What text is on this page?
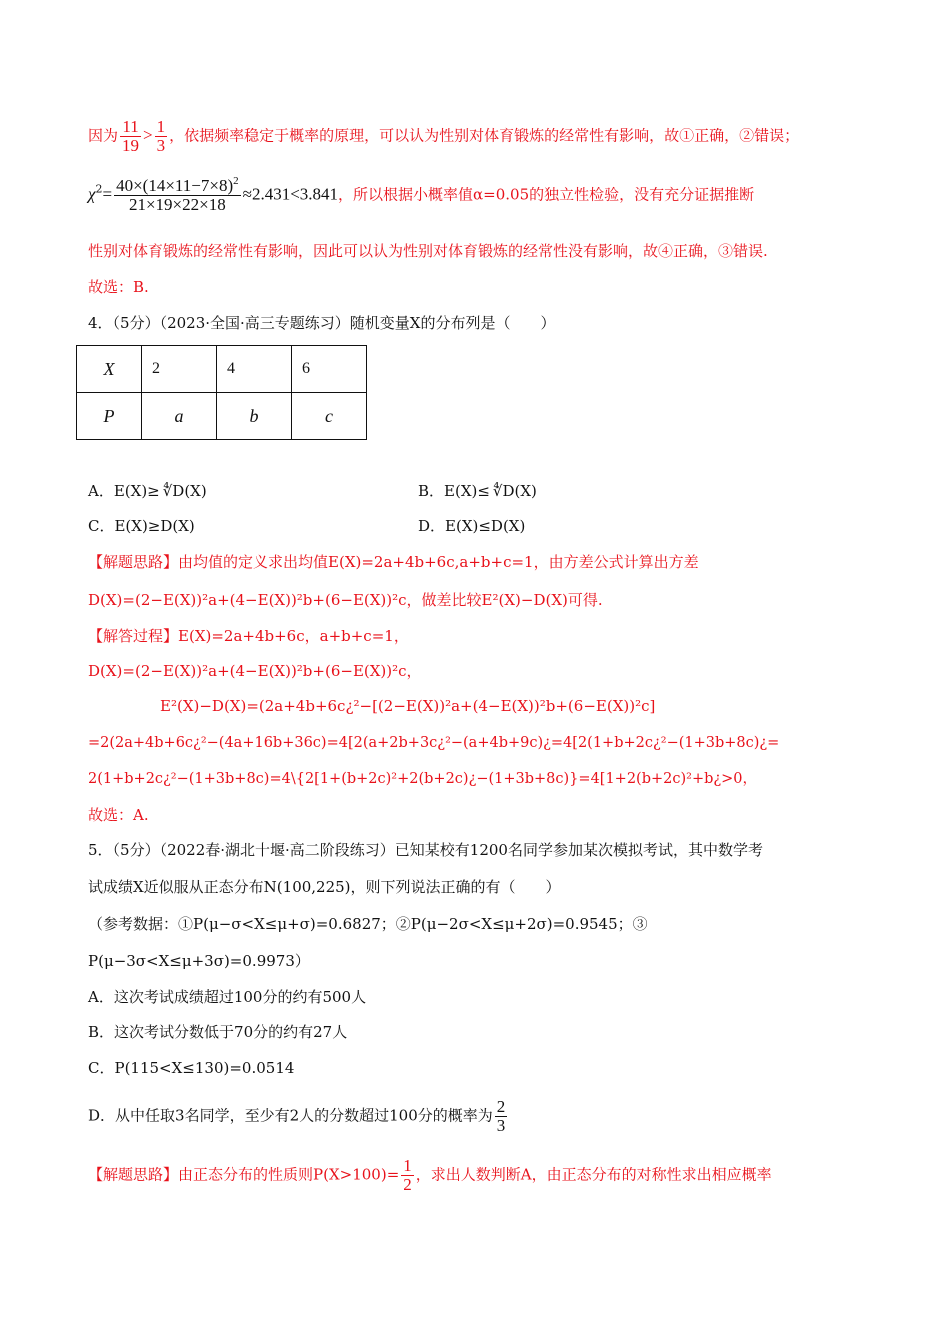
因为 $\frac{11}{19} > \frac{1}{3}$ ，依据频率稳定于概率的原理，可以认为性别对体育锻炼的经常性有影响，故①正确，②错误；
$\chi^2= \frac{40\times(14\times 11-7\times 8)^2}{21\times 19\times 22\times 18} \approx 2.431<3.841$，所以根据小概率值α=0.05的独立性检验，没有充分证据推断
性别对体育锻炼的经常性有影响，因此可以认为性别对体育锻炼的经常性没有影响，故④正确，③错误.
故选：B.
4．（5分）（2023·全国·高三专题练习）随机变量X的分布列是（　　）
X	2	4	6
P	a	b	c
A．E(X)≥ ∜D(X)	B．E(X)≤ ∜D(X)
C．E(X)≥D(X)	D．E(X)≤D(X)
【解题思路】由均值的定义求出均值E(X)=2a+4b+6c,a+b+c=1，由方差公式计算出方差
D(X)=(2−E(X))²a+(4−E(X))²b+(6−E(X))²c，做差比较E²(X)−D(X)可得.
【解答过程】E(X)=2a+4b+6c，a+b+c=1，
D(X)=(2−E(X))²a+(4−E(X))²b+(6−E(X))²c，
E²(X)−D(X)=(2a+4b+6c¿²−[(2−E(X))²a+(4−E(X))²b+(6−E(X))²c]
=2(2a+4b+6c¿²−(4a+16b+36c)=4[2(a+2b+3c¿²−(a+4b+9c)¿=4[2(1+b+2c¿²−(1+3b+8c)¿=
2(1+b+2c¿²−(1+3b+8c)=4\{2[1+(b+2c)²+2(b+2c)¿−(1+3b+8c)}=4[1+2(b+2c)²+b¿>0，
故选：A.
5．（5分）（2022春·湖北十堰·高二阶段练习）已知某校有1200名同学参加某次模拟考试，其中数学考
试成绩X近似服从正态分布N(100,225)，则下列说法正确的有（　　）
（参考数据：①P(μ−σ<X≤μ+σ)=0.6827；②P(μ−2σ<X≤μ+2σ)=0.9545；③
P(μ−3σ<X≤μ+3σ)=0.9973）
A．这次考试成绩超过100分的约有500人
B．这次考试分数低于70分的约有27人
C．P(115<X≤130)=0.0514
D．从中任取3名同学，至少有2人的分数超过100分的概率为 $\frac{2}{3}$
【解题思路】由正态分布的性质则$P(X>100)= \frac{1}{2}$ ，求出人数判断A，由正态分布的对称性求出相应概率
